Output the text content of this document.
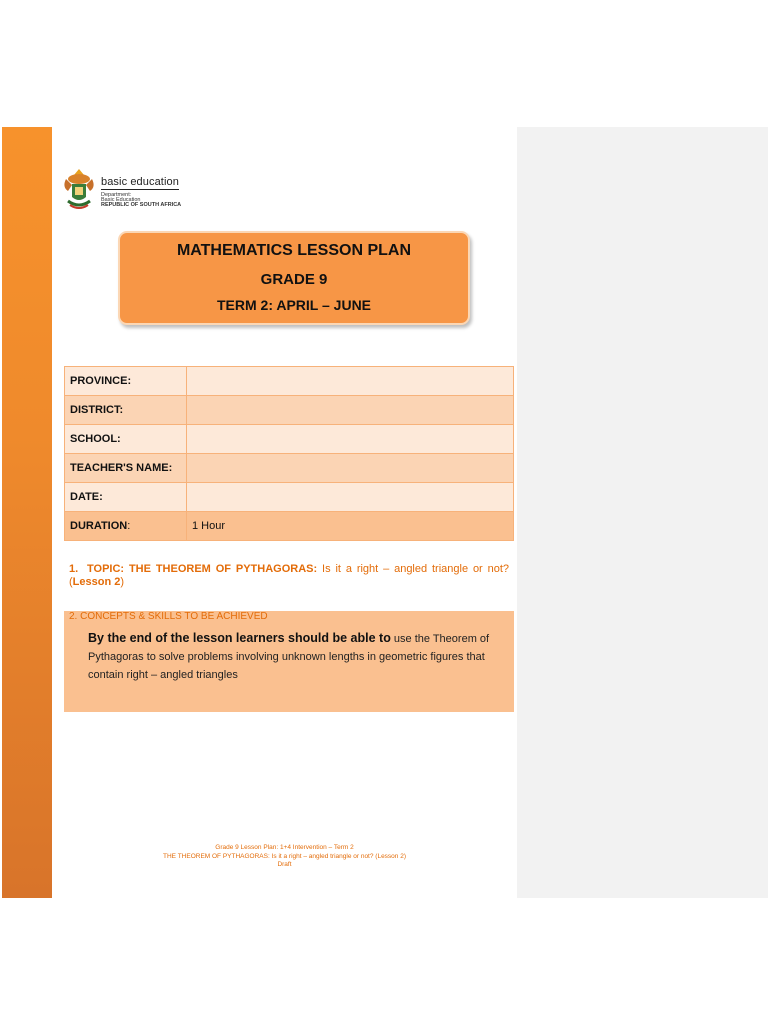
basic education
Department:
Basic Education
REPUBLIC OF SOUTH AFRICA
MATHEMATICS LESSON PLAN
GRADE 9
TERM 2: APRIL – JUNE
PROVINCE:	
DISTRICT:	
SCHOOL:	
TEACHER'S NAME:	
DATE:	
DURATION:	1 Hour
1. TOPIC: THE THEOREM OF PYTHAGORAS: Is it a right – angled triangle or not? (Lesson 2)
2. CONCEPTS & SKILLS TO BE ACHIEVED
By the end of the lesson learners should be able to use the Theorem of Pythagoras to solve problems involving unknown lengths in geometric figures that contain right – angled triangles
Grade 9 Lesson Plan: 1+4 Intervention – Term 2
THE THEOREM OF PYTHAGORAS: Is it a right – angled triangle or not? (Lesson 2)
Draft
